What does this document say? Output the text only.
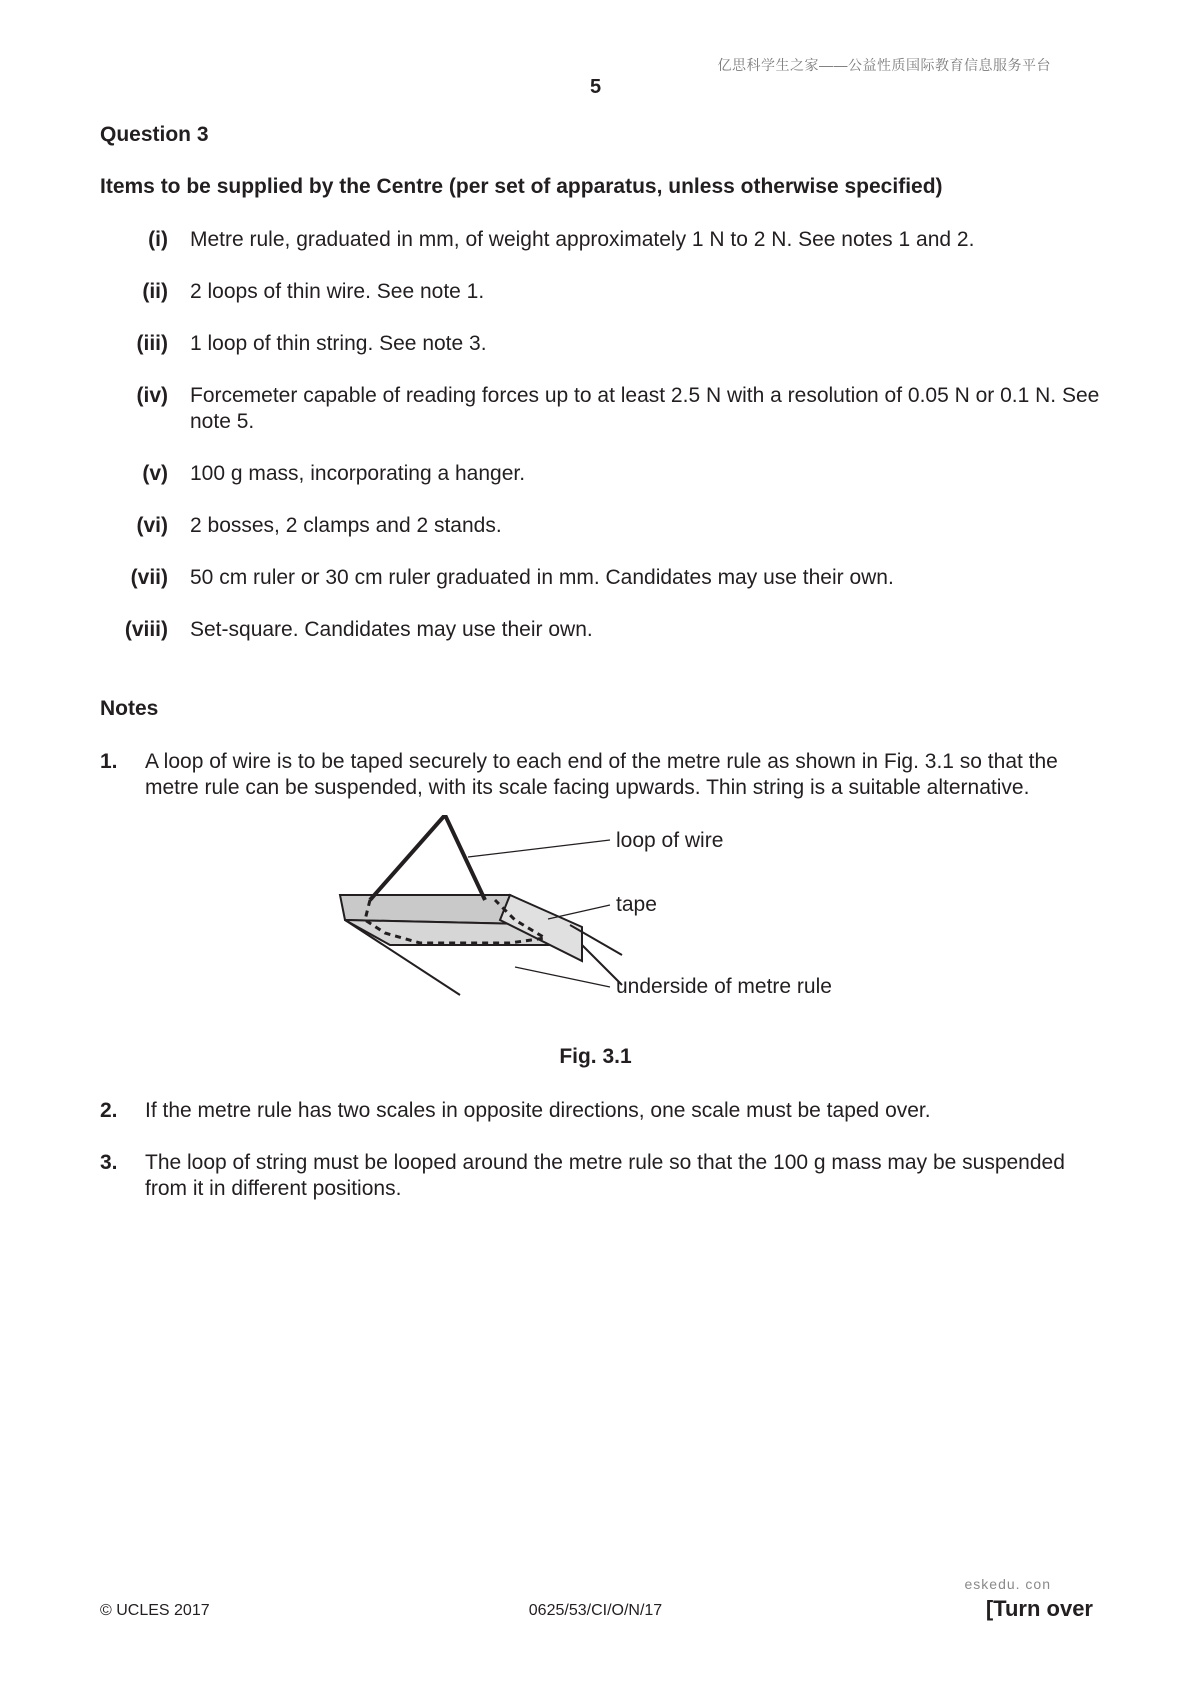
亿思科学生之家——公益性质国际教育信息服务平台
5
Question 3
Items to be supplied by the Centre (per set of apparatus, unless otherwise specified)
(i) Metre rule, graduated in mm, of weight approximately 1 N to 2 N. See notes 1 and 2.
(ii) 2 loops of thin wire. See note 1.
(iii) 1 loop of thin string. See note 3.
(iv) Forcemeter capable of reading forces up to at least 2.5 N with a resolution of 0.05 N or 0.1 N. See note 5.
(v) 100 g mass, incorporating a hanger.
(vi) 2 bosses, 2 clamps and 2 stands.
(vii) 50 cm ruler or 30 cm ruler graduated in mm. Candidates may use their own.
(viii) Set-square. Candidates may use their own.
Notes
1. A loop of wire is to be taped securely to each end of the metre rule as shown in Fig. 3.1 so that the metre rule can be suspended, with its scale facing upwards. Thin string is a suitable alternative.
loop of wire
tape
underside of metre rule
Fig. 3.1
2. If the metre rule has two scales in opposite directions, one scale must be taped over.
3. The loop of string must be looped around the metre rule so that the 100 g mass may be suspended from it in different positions.
eskedu. con
© UCLES 2017	0625/53/CI/O/N/17	[Turn over
